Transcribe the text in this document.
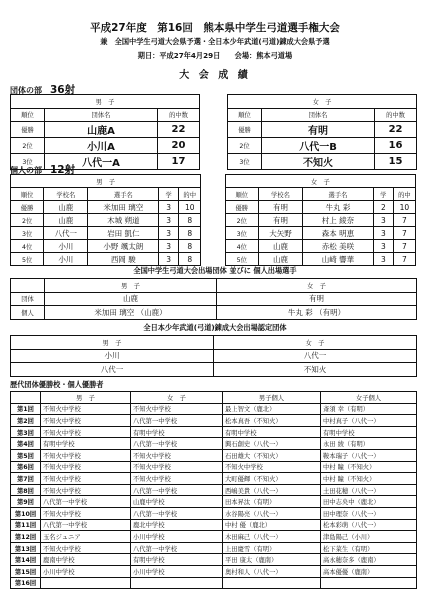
平成27年度　第16回　熊本県中学生弓道選手権大会
兼　全国中学生弓道大会県予選・全日本少年武道(弓道)錬成大会県予選
期日：平成27年4月29日　　会場：熊本弓道場
大 会 成 績
団体の部 36射
男　子				女　子		
順位	団体名	的中数		順位	団体名	的中数
優勝	山鹿A	22		優勝	有明	22
2位	小川A	20		2位	八代一B	16
3位	八代一A	17		3位	不知火	15
個人の部 12射
男　子						女　子				
順位	学校名	選手名	学	的中		順位	学校名	選手名	学	的中
優勝	山鹿	米加田 璃空	3	10		優勝	有明	牛丸 彩	2	10
2位	山鹿	木城 朔道	3	8		2位	有明	村上 綾奈	3	7
3位	八代一	岩田 凱仁	3	8		3位	大矢野	森本 明恵	3	7
4位	小川	小野 颯太朗	3	8		4位	山鹿	赤松 美咲	3	7
5位	小川	西岡 駿	3	8		5位	山鹿	山崎 響華	3	7
全国中学生弓道大会出場団体 並びに 個人出場選手
	男　子	女　子
団体	山鹿	有明
個人	米加田 璃空 （山鹿）	牛丸 彩 （有明）
全日本少年武道(弓道)錬成大会出場認定団体
男　子	女　子
小川	八代一
八代一	不知火
歴代団体優勝校・個人優勝者
	男　子	女　子	男子個人	女子個人
第1回	不知火中学校	不知火中学校	最上智文（鹿北）	斎須 幸（有明）
第2回	不知火中学校	八代第一中学校	松本真吾（不知火）	中村真子（八代一）
第3回	不知火中学校	有明中学校	有明中学校	有明中学校
第4回	有明中学校	八代第一中学校	興石創史（八代一）	永田 綾（有明）
第5回	不知火中学校	不知火中学校	石田雄大（不知火）	鞍本瑞子（八代一）
第6回	不知火中学校	不知火中学校	不知火中学校	中村 瞳（不知火）
第7回	不知火中学校	不知火中学校	大町優輝（不知火）	中村 瞳（不知火）
第8回	不知火中学校	八代第一中学校	西嶋美貴（八代一）	土田花穂（八代一）
第9回	八代第一中学校	山鹿中学校	田本昇汰（有明）	田中志央中（鹿北）
第10回	不知火中学校	八代第一中学校	水谷陽亮（八代一）	田中理奈（八代一）
第11回	八代第一中学校	鹿北中学校	中村 優（鹿北）	松本彩萌（八代一）
第12回	玉名ジュニア	小川中学校	木田麻己（八代一）	津島陽己（小川）
第13回	不知火中学校	八代第一中学校	上田慶雪（有明）	松下菜生（有明）
第14回	鹿南中学校	有明中学校	平田 康太（鹿南）	高永穂奈多（鹿南）
第15回	小川中学校	小川中学校	奥村和人（八代一）	高本優優（鹿南）
第16回				
